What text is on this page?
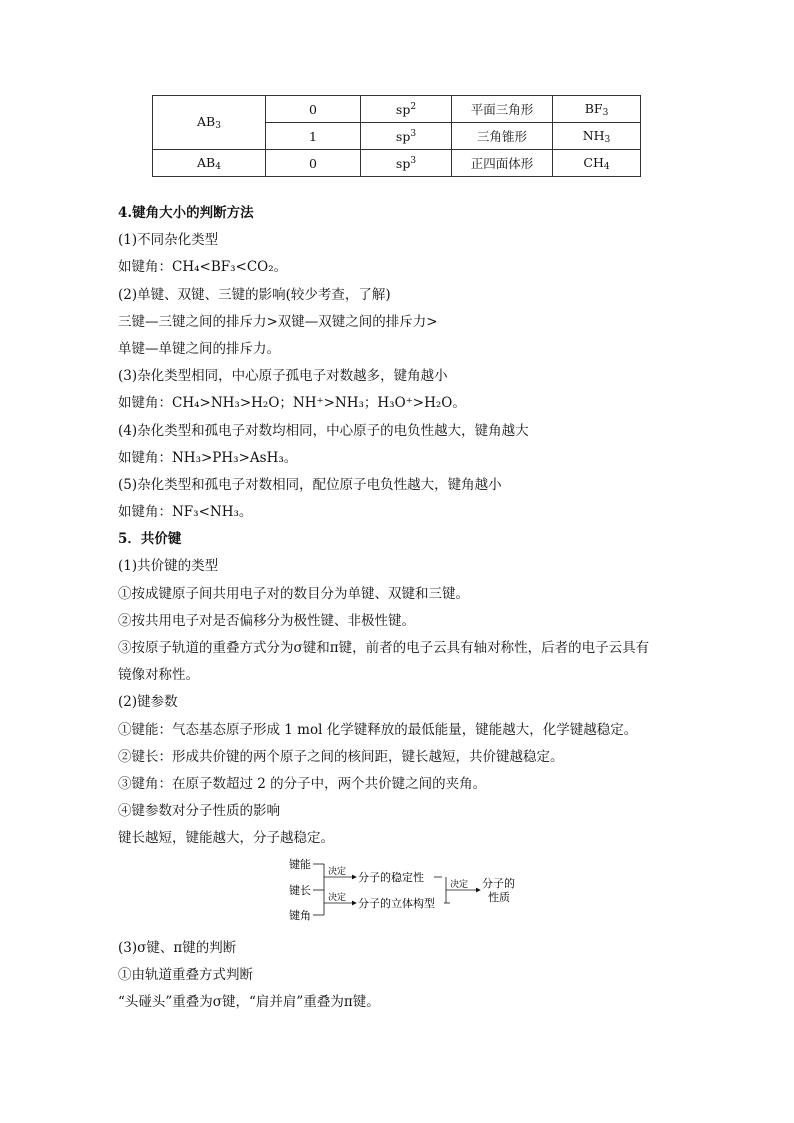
$AB_3$	0	$sp^2$	平面三角形	$BF_3$
	1	$sp^3$	三角锥形	$NH_3$
$AB_4$	0	$sp^3$	正四面体形	$CH_4$
4.键角大小的判断方法
(1)不同杂化类型
如键角：CH₄<BF₃<CO₂。
(2)单键、双键、三键的影响(较少考查，了解)
三键—三键之间的排斥力>双键—双键之间的排斥力>
单键—单键之间的排斥力。
(3)杂化类型相同，中心原子孤电子对数越多，键角越小
如键角：CH₄>NH₃>H₂O；NH⁺>NH₃；H₃O⁺>H₂O。
(4)杂化类型和孤电子对数均相同，中心原子的电负性越大，键角越大
如键角：NH₃>PH₃>AsH₃。
(5)杂化类型和孤电子对数相同，配位原子电负性越大，键角越小
如键角：NF₃<NH₃。
5．共价键
(1)共价键的类型
①按成键原子间共用电子对的数目分为单键、双键和三键。
②按共用电子对是否偏移分为极性键、非极性键。
③按原子轨道的重叠方式分为σ键和π键，前者的电子云具有轴对称性，后者的电子云具有
镜像对称性。
(2)键参数
①键能：气态基态原子形成 1 mol 化学键释放的最低能量，键能越大，化学键越稳定。
②键长：形成共价键的两个原子之间的核间距，键长越短，共价键越稳定。
③键角：在原子数超过 2 的分子中，两个共价键之间的夹角。
④键参数对分子性质的影响
键长越短，键能越大，分子越稳定。
(3)σ键、π键的判断
①由轨道重叠方式判断
“头碰头”重叠为σ键，“肩并肩”重叠为π键。
键能
键长
键角
决定
决定
分子的稳定性
分子的立体构型
决定 分子的
性质
